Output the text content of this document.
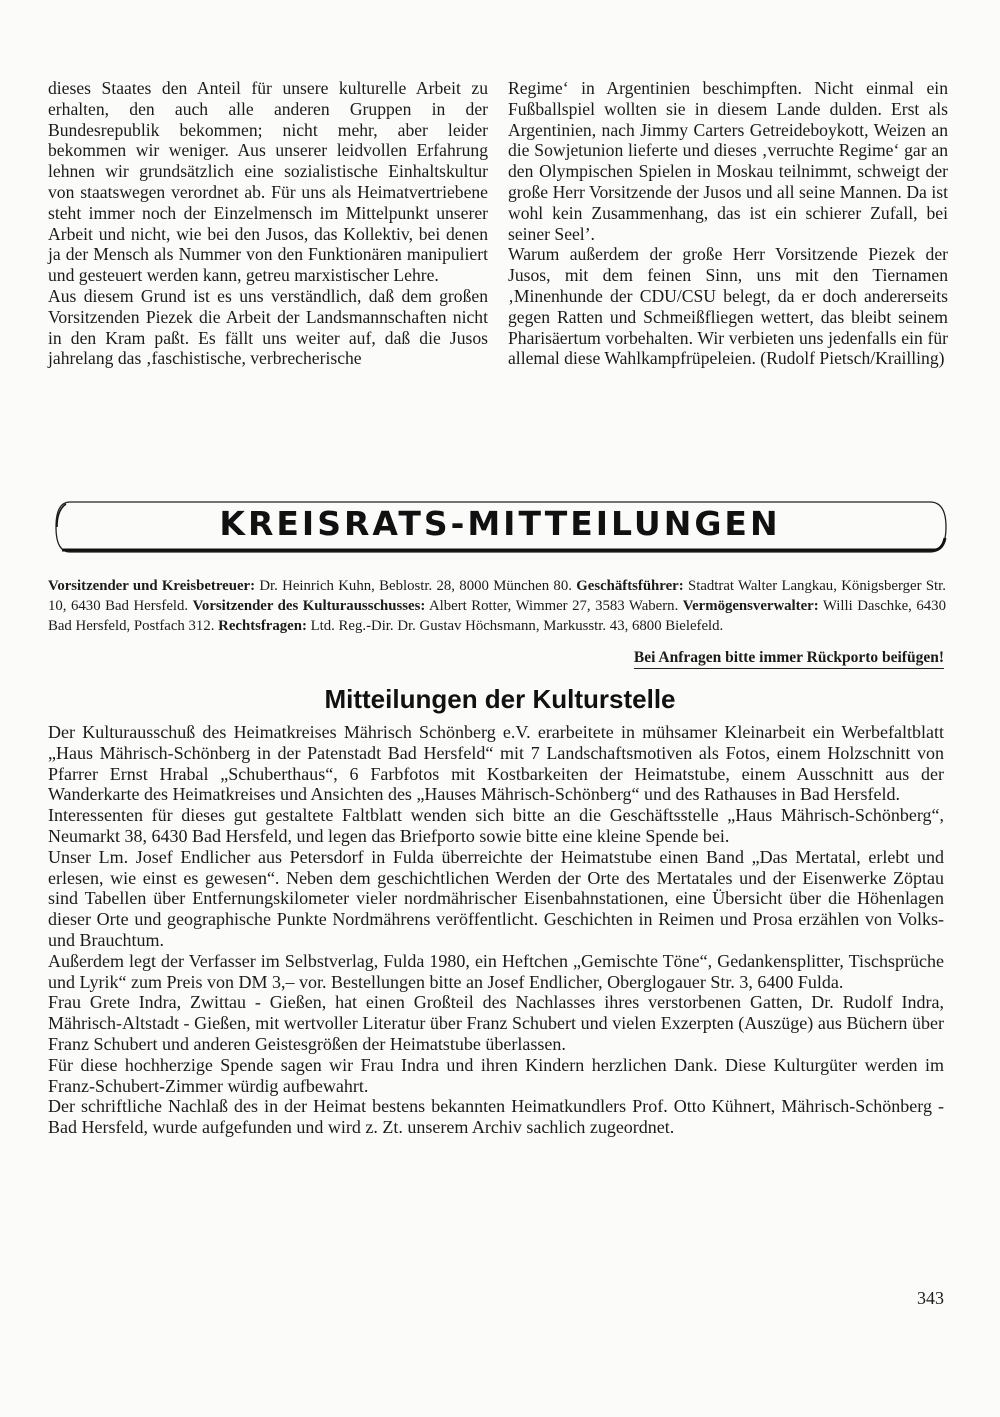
dieses Staates den Anteil für unsere kulturelle Arbeit zu erhalten, den auch alle anderen Gruppen in der Bundesrepublik bekommen; nicht mehr, aber leider bekommen wir weniger. Aus unserer leidvollen Erfahrung lehnen wir grundsätzlich eine sozialistische Einhaltskultur von staatswegen verordnet ab. Für uns als Heimatvertriebene steht immer noch der Einzelmensch im Mittelpunkt unserer Arbeit und nicht, wie bei den Jusos, das Kollektiv, bei denen ja der Mensch als Nummer von den Funktionären manipuliert und gesteuert werden kann, getreu marxistischer Lehre.

Aus diesem Grund ist es uns verständlich, daß dem großen Vorsitzenden Piezek die Arbeit der Landsmannschaften nicht in den Kram paßt. Es fällt uns weiter auf, daß die Jusos jahrelang das ‚faschistische, verbrecherische

Regime‘ in Argentinien beschimpften. Nicht einmal ein Fußballspiel wollten sie in diesem Lande dulden. Erst als Argentinien, nach Jimmy Carters Getreideboykott, Weizen an die Sowjetunion lieferte und dieses ‚verruchte Regime‘ gar an den Olympischen Spielen in Moskau teilnimmt, schweigt der große Herr Vorsitzende der Jusos und all seine Mannen. Da ist wohl kein Zusammenhang, das ist ein schierer Zufall, bei seiner Seel’.

Warum außerdem der große Herr Vorsitzende Piezek der Jusos, mit dem feinen Sinn, uns mit den Tiernamen ‚Minenhunde der CDU/CSU belegt, da er doch andererseits gegen Ratten und Schmeißfliegen wettert, das bleibt seinem Pharisäertum vorbehalten. Wir verbieten uns jedenfalls ein für allemal diese Wahlkampfrüpeleien. (Rudolf Pietsch/Krailling)

KREISRATS-MITTEILUNGEN
Vorsitzender und Kreisbetreuer: Dr. Heinrich Kuhn, Beblostr. 28, 8000 München 80. Geschäftsführer: Stadtrat Walter Langkau, Königsberger Str. 10, 6430 Bad Hersfeld. Vorsitzender des Kulturausschusses: Albert Rotter, Wimmer 27, 3583 Wabern. Vermögensverwalter: Willi Daschke, 6430 Bad Hersfeld, Postfach 312. Rechtsfragen: Ltd. Reg.-Dir. Dr. Gustav Höchsmann, Markusstr. 43, 6800 Bielefeld.
Bei Anfragen bitte immer Rückporto beifügen!
Mitteilungen der Kulturstelle

Der Kulturausschuß des Heimatkreises Mährisch Schönberg e.V. erarbeitete in mühsamer Kleinarbeit ein Werbefaltblatt „Haus Mährisch-Schönberg in der Patenstadt Bad Hersfeld“ mit 7 Landschaftsmotiven als Fotos, einem Holzschnitt von Pfarrer Ernst Hrabal „Schuberthaus“, 6 Farbfotos mit Kostbarkeiten der Heimatstube, einem Ausschnitt aus der Wanderkarte des Heimatkreises und Ansichten des „Hauses Mährisch-Schönberg“ und des Rathauses in Bad Hersfeld.

Interessenten für dieses gut gestaltete Faltblatt wenden sich bitte an die Geschäftsstelle „Haus Mährisch-Schönberg“, Neumarkt 38, 6430 Bad Hersfeld, und legen das Briefporto sowie bitte eine kleine Spende bei.

Unser Lm. Josef Endlicher aus Petersdorf in Fulda überreichte der Heimatstube einen Band „Das Mertatal, erlebt und erlesen, wie einst es gewesen“. Neben dem geschichtlichen Werden der Orte des Mertatales und der Eisenwerke Zöptau sind Tabellen über Entfernungskilometer vieler nordmährischer Eisenbahnstationen, eine Übersicht über die Höhenlagen dieser Orte und geographische Punkte Nordmährens veröffentlicht. Geschichten in Reimen und Prosa erzählen von Volks- und Brauchtum.

Außerdem legt der Verfasser im Selbstverlag, Fulda 1980, ein Heftchen „Gemischte Töne“, Gedankensplitter, Tischsprüche und Lyrik“ zum Preis von DM 3,– vor. Bestellungen bitte an Josef Endlicher, Oberglogauer Str. 3, 6400 Fulda.

Frau Grete Indra, Zwittau - Gießen, hat einen Großteil des Nachlasses ihres verstorbenen Gatten, Dr. Rudolf Indra, Mährisch-Altstadt - Gießen, mit wertvoller Literatur über Franz Schubert und vielen Exzerpten (Auszüge) aus Büchern über Franz Schubert und anderen Geistesgrößen der Heimatstube überlassen.

Für diese hochherzige Spende sagen wir Frau Indra und ihren Kindern herzlichen Dank. Diese Kulturgüter werden im Franz-Schubert-Zimmer würdig aufbewahrt.

Der schriftliche Nachlaß des in der Heimat bestens bekannten Heimatkundlers Prof. Otto Kühnert, Mährisch-Schönberg - Bad Hersfeld, wurde aufgefunden und wird z. Zt. unserem Archiv sachlich zugeordnet.

343
